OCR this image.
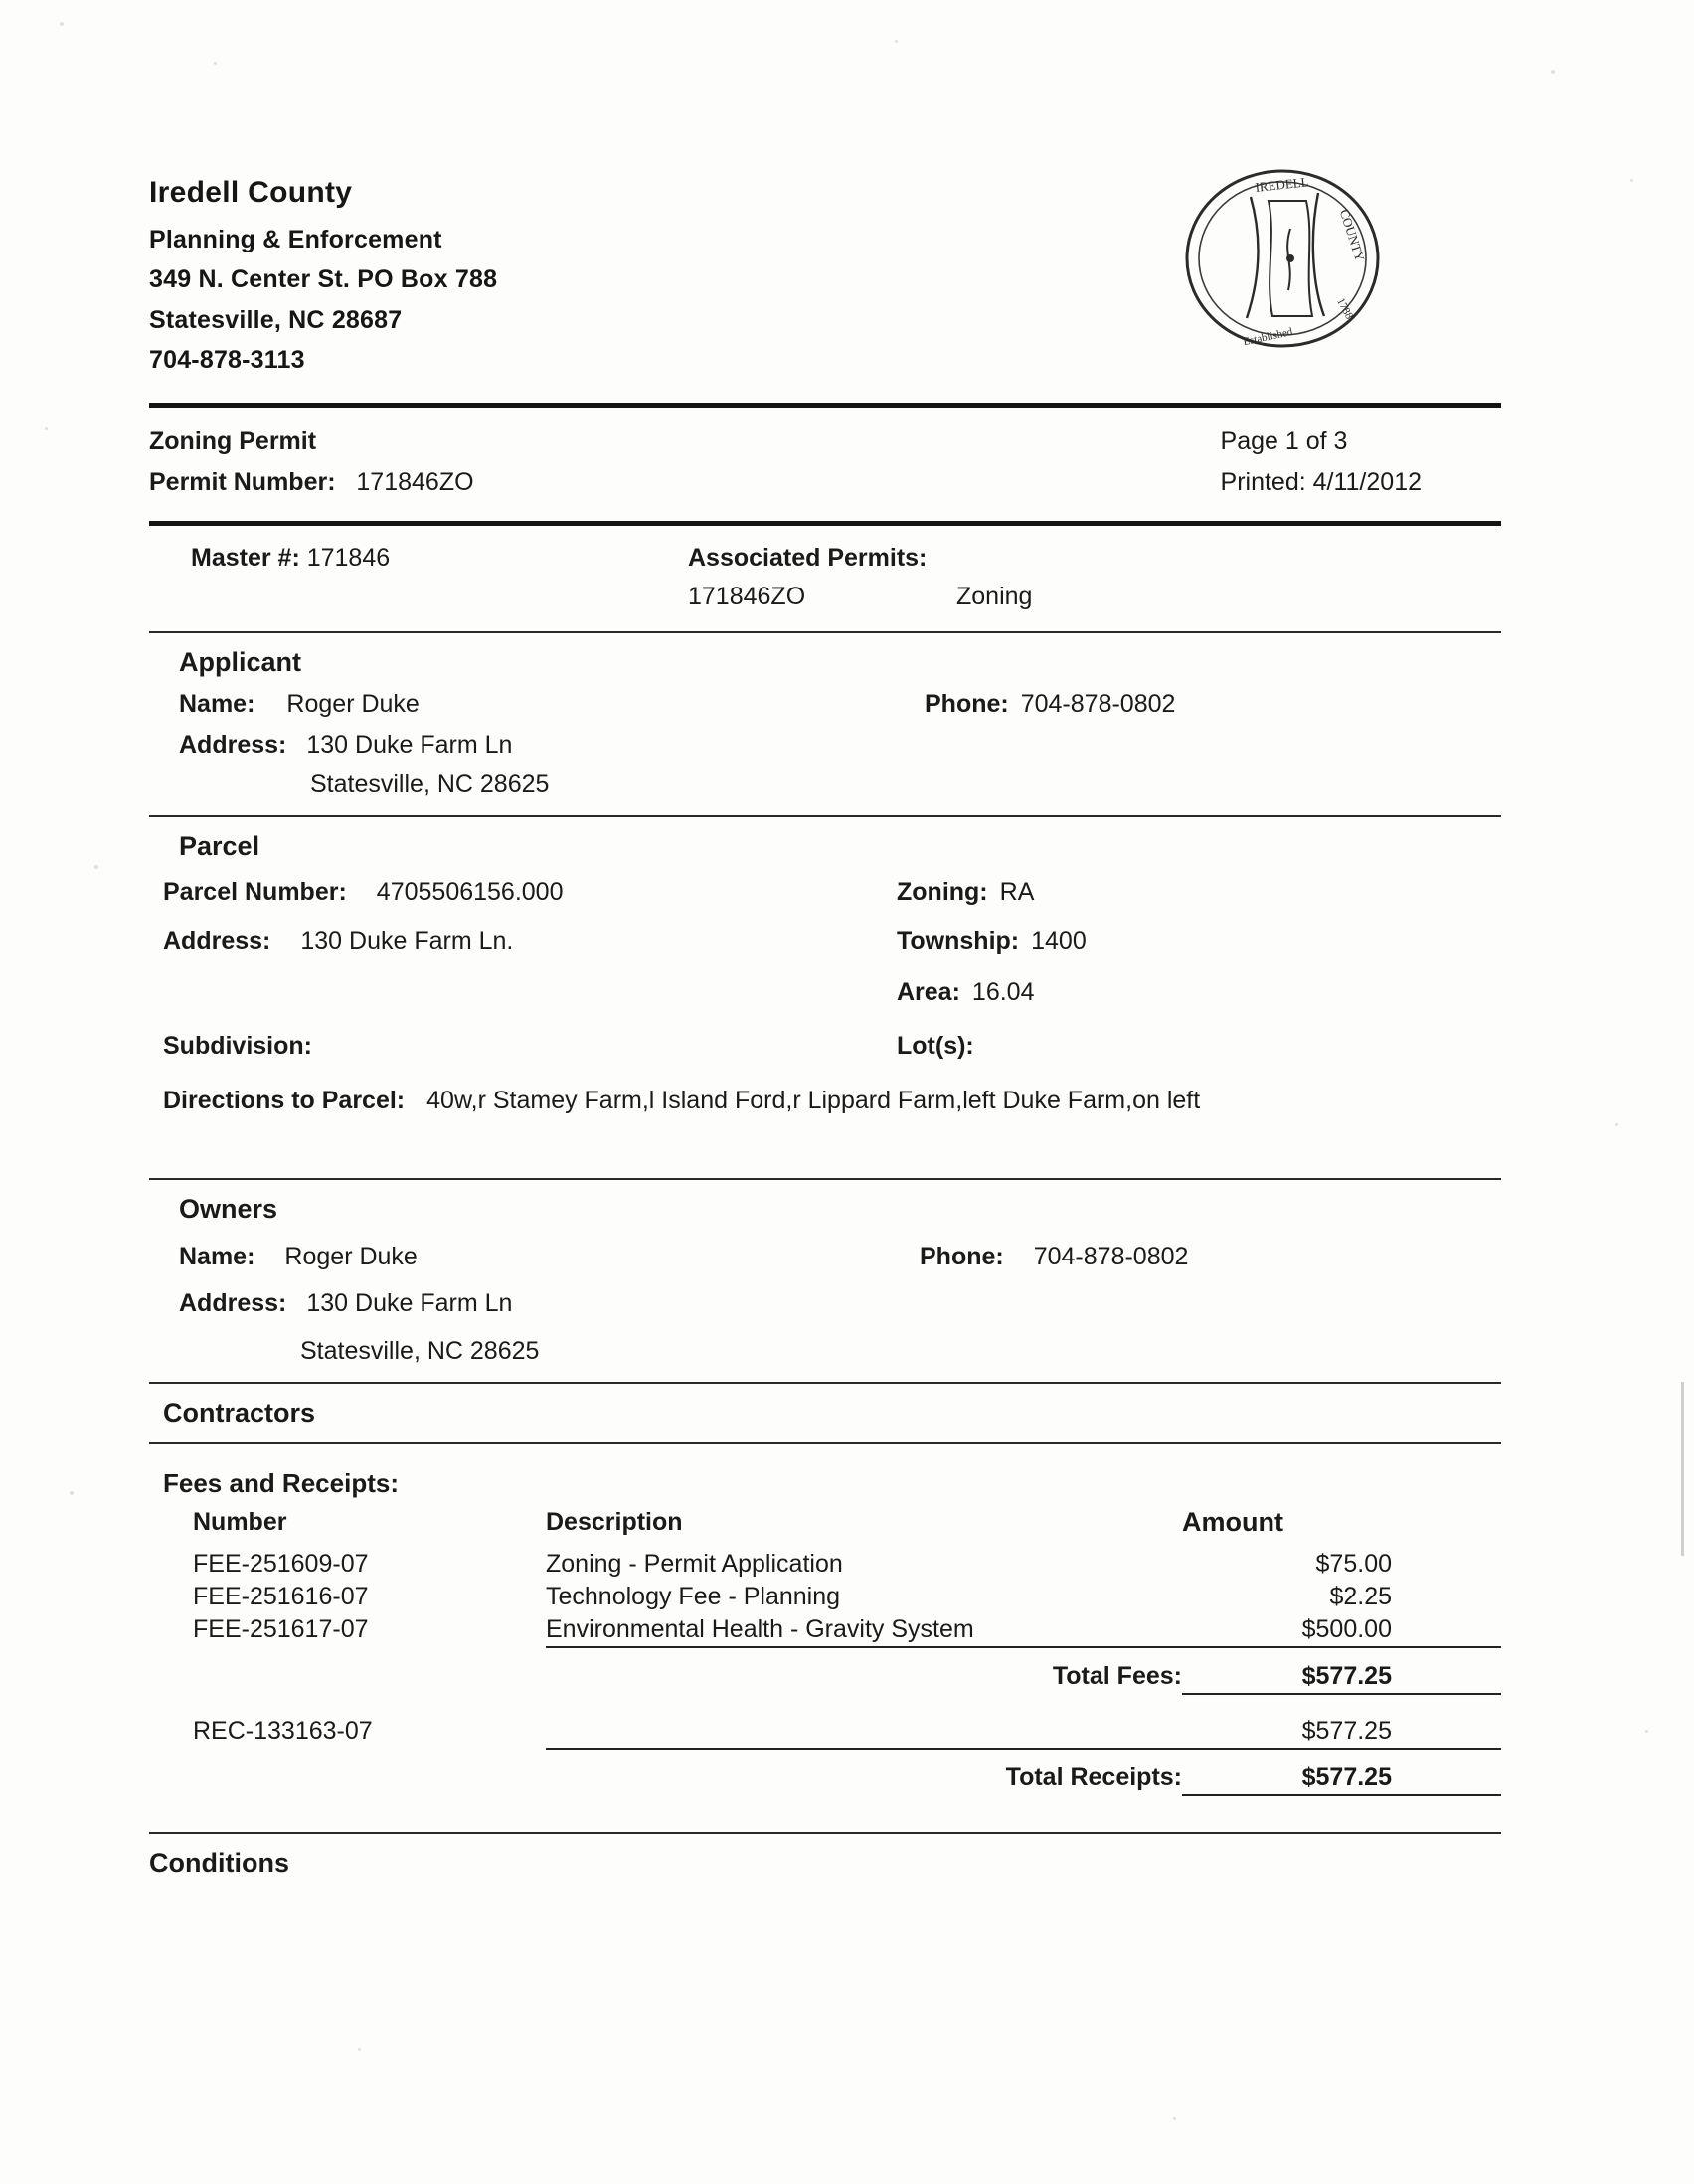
Iredell County
Planning & Enforcement
349 N. Center St. PO Box 788
Statesville, NC 28687
704-878-3113
IREDELL
COUNTY
Established
1788
Zoning Permit
Permit Number: 171846ZO
Page 1 of 3
Printed: 4/11/2012
Master #: 171846	Associated Permits:
171846ZO	Zoning
Applicant
Name:	Roger Duke	Phone: 704-878-0802
Address: 130 Duke Farm Ln
Statesville, NC 28625
Parcel
Parcel Number:	4705506156.000	Zoning: RA
Address:	130 Duke Farm Ln.	Township: 1400
Area: 16.04
Subdivision:	Lot(s):
Directions to Parcel: 40w,r Stamey Farm,l Island Ford,r Lippard Farm,left Duke Farm,on left
Owners
Name:	Roger Duke	Phone:	704-878-0802
Address: 130 Duke Farm Ln
Statesville, NC 28625
Contractors
Fees and Receipts:
Number	Description	Amount
FEE-251609-07	Zoning - Permit Application	$75.00
FEE-251616-07	Technology Fee - Planning	$2.25
FEE-251617-07	Environmental Health - Gravity System	$500.00
	Total Fees:	$577.25
REC-133163-07		$577.25
	Total Receipts:	$577.25
Conditions
